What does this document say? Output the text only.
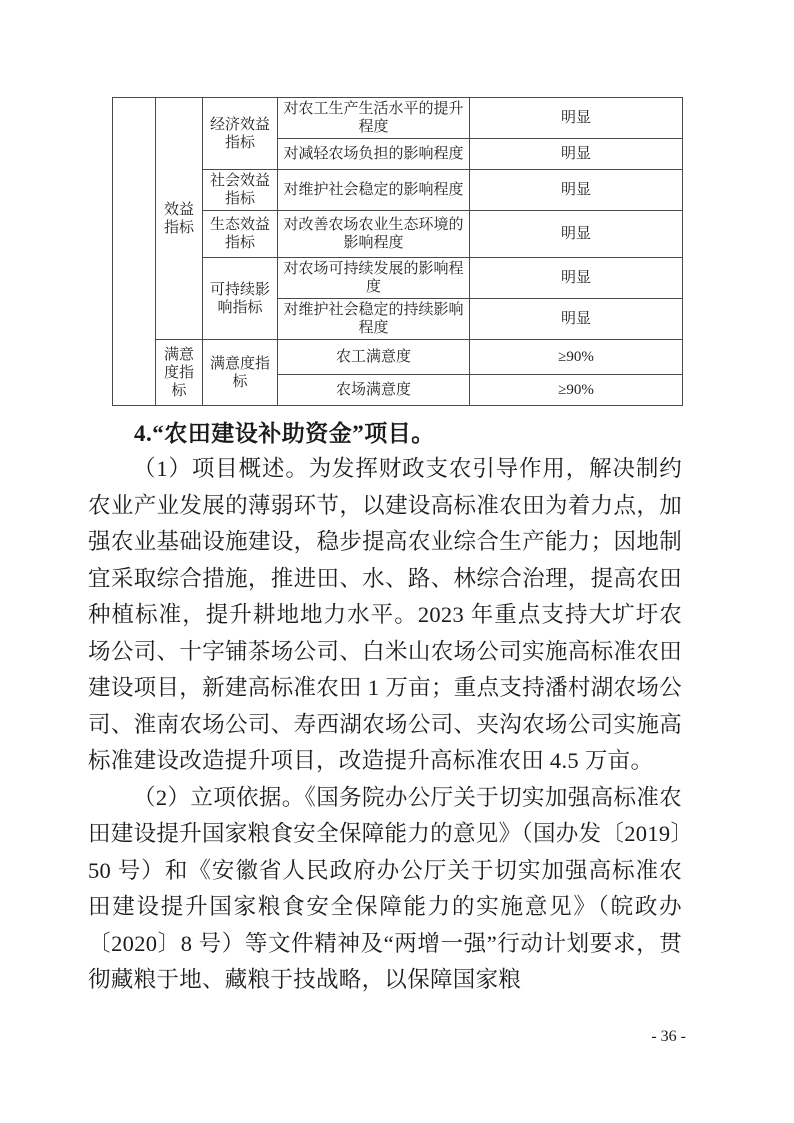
	效益指标	经济效益指标	对农工生产生活水平的提升程度	明显
			对减轻农场负担的影响程度	明显
		社会效益指标	对维护社会稳定的影响程度	明显
		生态效益指标	对改善农场农业生态环境的影响程度	明显
		可持续影响指标	对农场可持续发展的影响程度	明显
			对维护社会稳定的持续影响程度	明显
	满意度指标	满意度指标	农工满意度	≥90%
			农场满意度	≥90%
4.“农田建设补助资金”项目。

（1）项目概述。为发挥财政支农引导作用，解决制约农业产业发展的薄弱环节，以建设高标准农田为着力点，加强农业基础设施建设，稳步提高农业综合生产能力；因地制宜采取综合措施，推进田、水、路、林综合治理，提高农田种植标准，提升耕地地力水平。2023 年重点支持大圹圩农场公司、十字铺茶场公司、白米山农场公司实施高标准农田建设项目，新建高标准农田 1 万亩；重点支持潘村湖农场公司、淮南农场公司、寿西湖农场公司、夹沟农场公司实施高标准建设改造提升项目，改造提升高标准农田 4.5 万亩。

（2）立项依据。《国务院办公厅关于切实加强高标准农田建设提升国家粮食安全保障能力的意见》（国办发〔2019〕50 号）和《安徽省人民政府办公厅关于切实加强高标准农田建设提升国家粮食安全保障能力的实施意见》（皖政办〔2020〕8 号）等文件精神及“两增一强”行动计划要求，贯彻藏粮于地、藏粮于技战略，以保障国家粮

- 36 -
